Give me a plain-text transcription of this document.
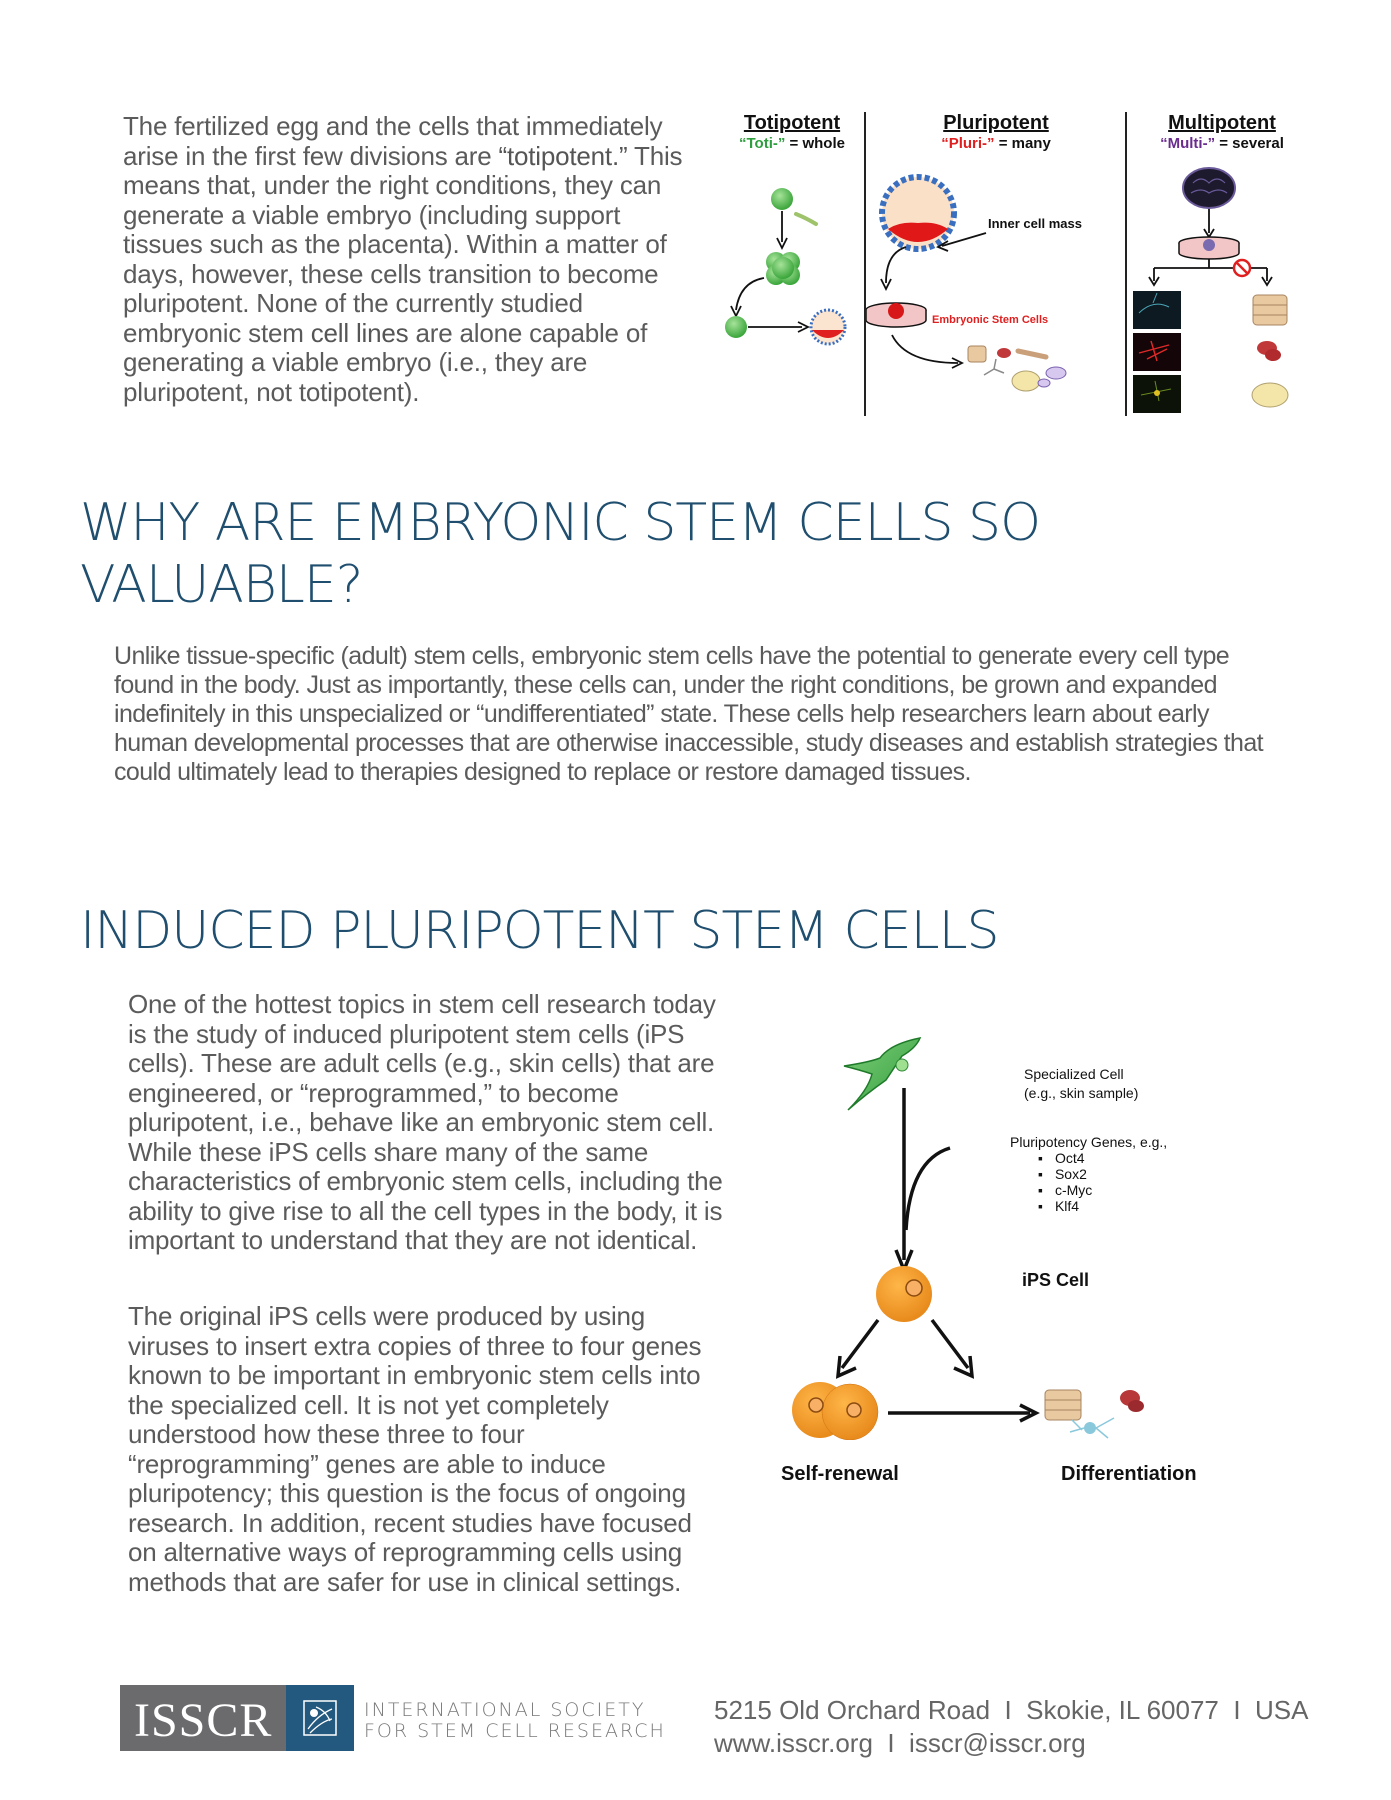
The fertilized egg and the cells that immediately arise in the first few divisions are “totipotent.” This means that, under the right conditions, they can generate a viable embryo (including support tissues such as the placenta). Within a matter of days, however, these cells transition to become pluripotent. None of the currently studied embryonic stem cell lines are alone capable of generating a viable embryo (i.e., they are pluripotent, not totipotent).
Totipotent
“Toti-” = whole
Pluripotent
“Pluri-” = many
Multipotent
“Multi-” = several
Inner cell mass
Embryonic Stem Cells
WHY ARE EMBRYONIC STEM CELLS SO VALUABLE?
Unlike tissue-specific (adult) stem cells, embryonic stem cells have the potential to generate every cell type found in the body. Just as importantly, these cells can, under the right conditions, be grown and expanded indefinitely in this unspecialized or “undifferentiated” state. These cells help researchers learn about early human developmental processes that are otherwise inaccessible, study diseases and establish strategies that could ultimately lead to therapies designed to replace or restore damaged tissues.
INDUCED PLURIPOTENT STEM CELLS
One of the hottest topics in stem cell research today is the study of induced pluripotent stem cells (iPS cells). These are adult cells (e.g., skin cells) that are engineered, or “reprogrammed,” to become pluripotent, i.e., behave like an embryonic stem cell. While these iPS cells share many of the same characteristics of embryonic stem cells, including the ability to give rise to all the cell types in the body, it is important to understand that they are not identical.
The original iPS cells were produced by using viruses to insert extra copies of three to four genes known to be important in embryonic stem cells into the specialized cell. It is not yet completely understood how these three to four “reprogramming” genes are able to induce pluripotency; this question is the focus of ongoing research. In addition, recent studies have focused on alternative ways of reprogramming cells using methods that are safer for use in clinical settings.
Specialized Cell
(e.g., skin sample)
Pluripotency Genes, e.g.,
▪ Oct4
▪ Sox2
▪ c-Myc
▪ Klf4
iPS Cell
Self-renewal	Differentiation
ISSCR	INTERNATIONAL SOCIETY
FOR STEM CELL RESEARCH
5215 Old Orchard Road  I  Skokie, IL 60077  I  USA
www.isscr.org  I  isscr@isscr.org
